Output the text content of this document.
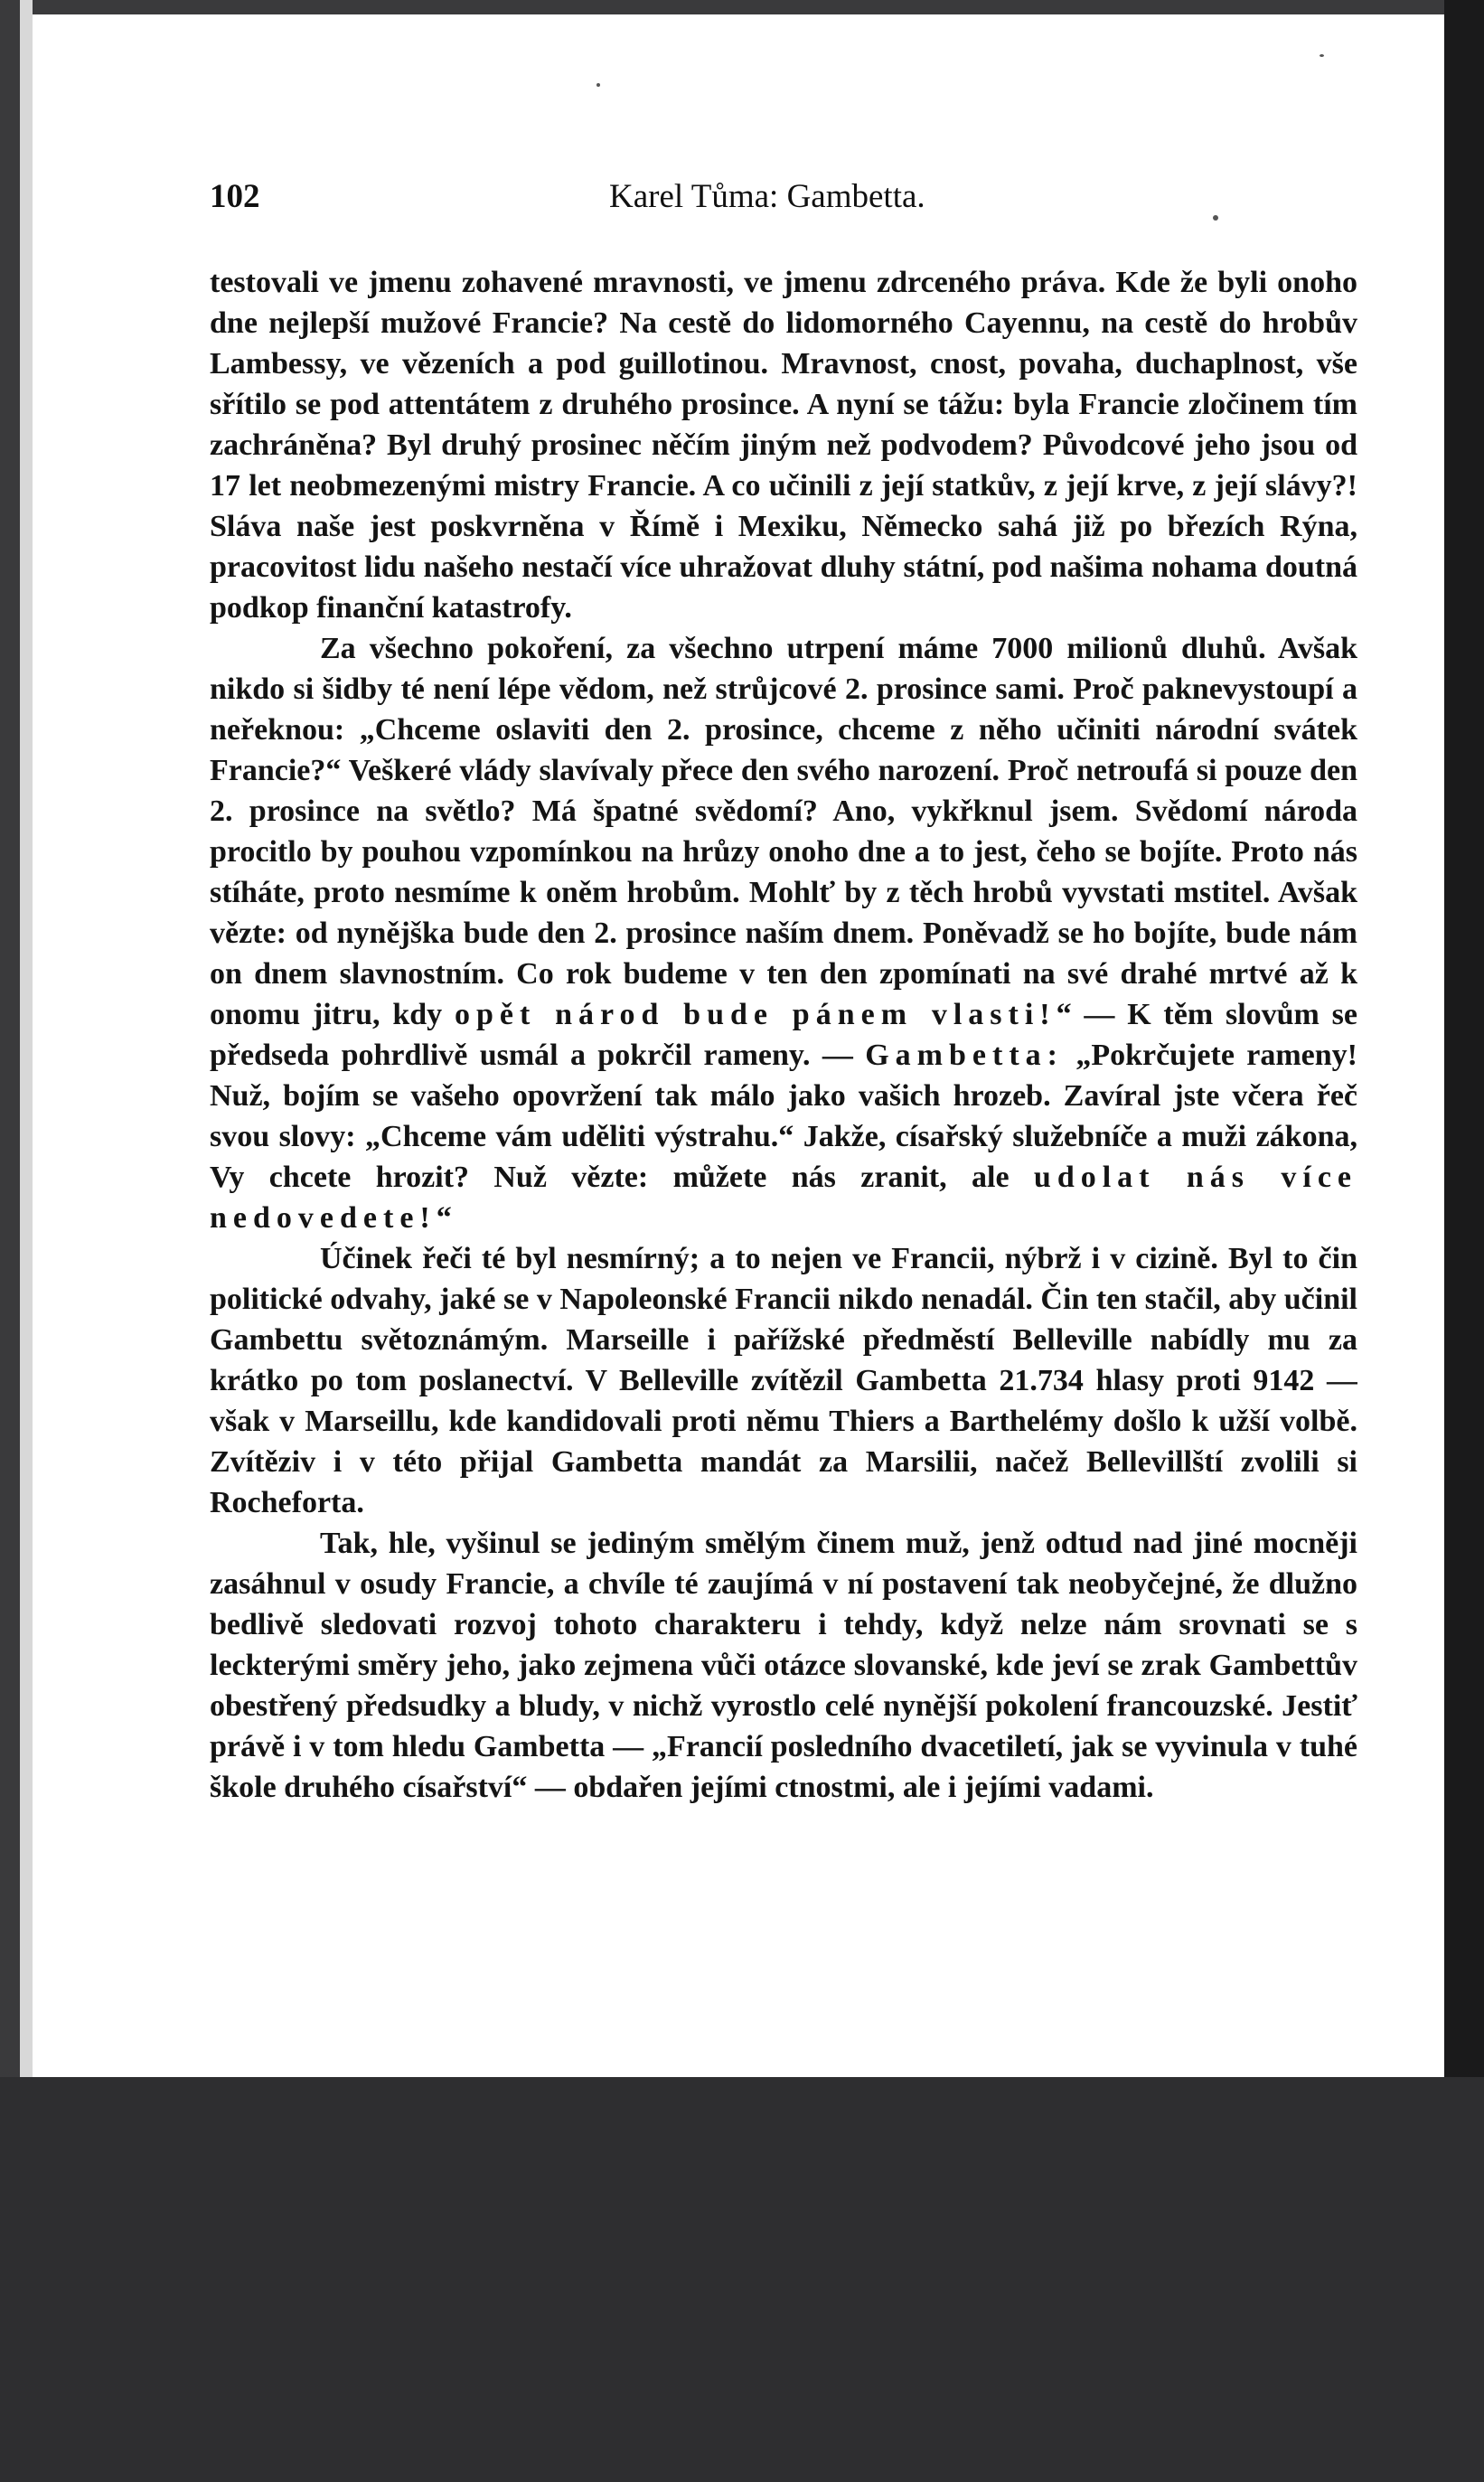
102	Karel Tůma: Gambetta.

testovali ve jmenu zohavené mravnosti, ve jmenu zdrceného práva. Kde že byli onoho dne nejlepší mužové Francie? Na cestě do lidomorného Cayennu, na cestě do hrobův Lambessy, ve vězeních a pod guillotinou. Mravnost, cnost, povaha, duchaplnost, vše sřítilo se pod attentátem z druhého prosince. A nyní se tážu: byla Francie zločinem tím zachráněna? Byl druhý prosinec něčím jiným než podvodem? Původcové jeho jsou od 17 let neobmezenými mistry Francie. A co učinili z její statkův, z její krve, z její slávy?! Sláva naše jest poskvrněna v Římě i Mexiku, Německo sahá již po březích Rýna, pracovitost lidu našeho nestačí více uhražovat dluhy státní, pod našima nohama doutná podkop finanční katastrofy.

Za všechno pokoření, za všechno utrpení máme 7000 milionů dluhů. Avšak nikdo si šidby té není lépe vědom, než strůjcové 2. prosince sami. Proč paknevystoupí a neřeknou: „Chceme oslaviti den 2. prosince, chceme z něho učiniti národní svátek Francie?“ Veškeré vlády slavívaly přece den svého narození. Proč netroufá si pouze den 2. prosince na světlo? Má špatné svědomí? Ano, vykřknul jsem. Svědomí národa procitlo by pouhou vzpomínkou na hrůzy onoho dne a to jest, čeho se bojíte. Proto nás stíháte, proto nesmíme k oněm hrobům. Mohlť by z těch hrobů vyvstati mstitel. Avšak vězte: od nynějška bude den 2. prosince naším dnem. Poněvadž se ho bojíte, bude nám on dnem slavnostním. Co rok budeme v ten den zpomínati na své drahé mrtvé až k onomu jitru, kdy opět národ bude pánem vlasti!“ — K těm slovům se předseda pohrdlivě usmál a pokrčil rameny. — Gambetta: „Pokrčujete rameny! Nuž, bojím se vašeho opovržení tak málo jako vašich hrozeb. Zavíral jste včera řeč svou slovy: „Chceme vám uděliti výstrahu.“ Jakže, císařský služebníče a muži zákona, Vy chcete hrozit? Nuž vězte: můžete nás zranit, ale udolat nás více nedovedete!“

Účinek řeči té byl nesmírný; a to nejen ve Francii, nýbrž i v cizině. Byl to čin politické odvahy, jaké se v Napoleonské Francii nikdo nenadál. Čin ten stačil, aby učinil Gambettu světoznámým. Marseille i pařížské předměstí Belleville nabídly mu za krátko po tom poslanectví. V Belleville zvítězil Gambetta 21.734 hlasy proti 9142 — však v Marseillu, kde kandidovali proti němu Thiers a Barthelémy došlo k užší volbě. Zvítěziv i v této přijal Gambetta mandát za Marsilii, načež Bellevillští zvolili si Rocheforta.

Tak, hle, vyšinul se jediným smělým činem muž, jenž odtud nad jiné mocněji zasáhnul v osudy Francie, a chvíle té zaujímá v ní postavení tak neobyčejné, že dlužno bedlivě sledovati rozvoj tohoto charakteru i tehdy, když nelze nám srovnati se s leckterými směry jeho, jako zejmena vůči otázce slovanské, kde jeví se zrak Gambettův obestřený předsudky a bludy, v nichž vyrostlo celé nynější pokolení francouzské. Jestiť právě i v tom hledu Gambetta — „Francií posledního dvacetiletí, jak se vyvinula v tuhé škole druhého císařství“ — obdařen jejími ctnostmi, ale i jejími vadami.
